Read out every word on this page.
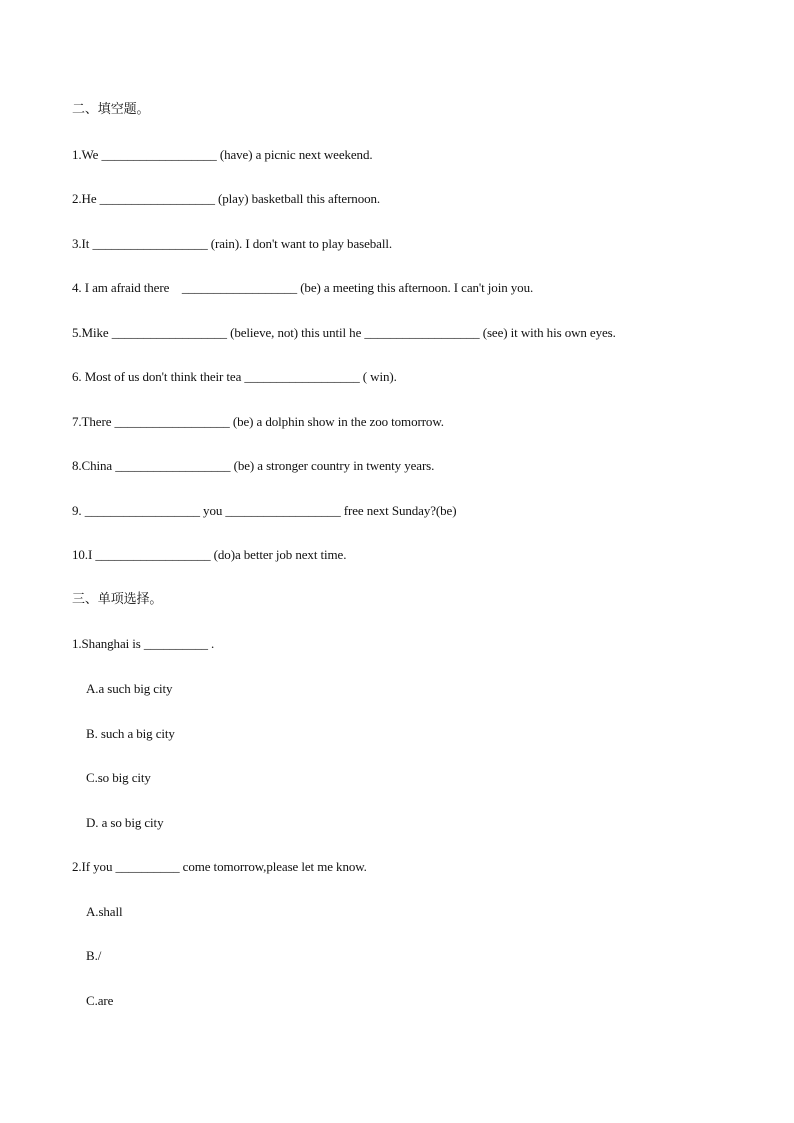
二、填空题。
1.We __________________ (have) a picnic next weekend.
2.He __________________ (play) basketball this afternoon.
3.It __________________ (rain). I don't want to play baseball.
4. I am afraid there    __________________ (be) a meeting this afternoon. I can't join you.
5.Mike __________________ (believe, not) this until he __________________ (see) it with his own eyes.
6. Most of us don't think their tea __________________ ( win).
7.There __________________ (be) a dolphin show in the zoo tomorrow.
8.China __________________ (be) a stronger country in twenty years.
9. __________________ you __________________ free next Sunday?(be)
10.I __________________ (do)a better job next time.
三、单项选择。
1.Shanghai is __________ .
A.a such big city
B. such a big city
C.so big city
D. a so big city
2.If you __________ come tomorrow,please let me know.
A.shall
B./
C.are
